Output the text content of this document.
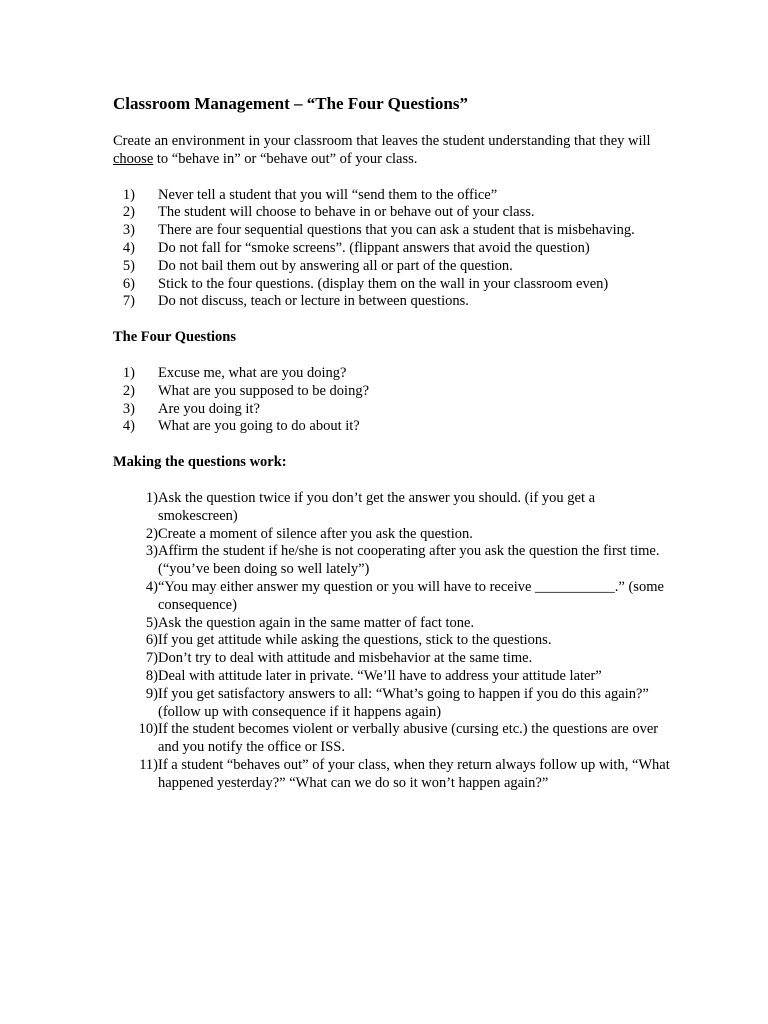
Classroom Management – “The Four Questions”

Create an environment in your classroom that leaves the student understanding that they will choose to “behave in” or “behave out” of your class.

1)	Never tell a student that you will “send them to the office”
2)	The student will choose to behave in or behave out of your class.
3)	There are four sequential questions that you can ask a student that is misbehaving.
4)	Do not fall for “smoke screens”. (flippant answers that avoid the question)
5)	Do not bail them out by answering all or part of the question.
6)	Stick to the four questions. (display them on the wall in your classroom even)
7)	Do not discuss, teach or lecture in between questions.
The Four Questions
1)	Excuse me, what are you doing?
2)	What are you supposed to be doing?
3)	Are you doing it?
4)	What are you going to do about it?
Making the questions work:
1) Ask the question twice if you don’t get the answer you should. (if you get a smokescreen)
2) Create a moment of silence after you ask the question.
3) Affirm the student if he/she is not cooperating after you ask the question the first time. (“you’ve been doing so well lately”)
4) “You may either answer my question or you will have to receive ___________.” (some consequence)
5) Ask the question again in the same matter of fact tone.
6) If you get attitude while asking the questions, stick to the questions.
7) Don’t try to deal with attitude and misbehavior at the same time.
8) Deal with attitude later in private. “We’ll have to address your attitude later”
9) If you get satisfactory answers to all: “What’s going to happen if you do this again?” (follow up with consequence if it happens again)
10) If the student becomes violent or verbally abusive (cursing etc.) the questions are over and you notify the office or ISS.
11) If a student “behaves out” of your class, when they return always follow up with, “What happened yesterday?” “What can we do so it won’t happen again?”
